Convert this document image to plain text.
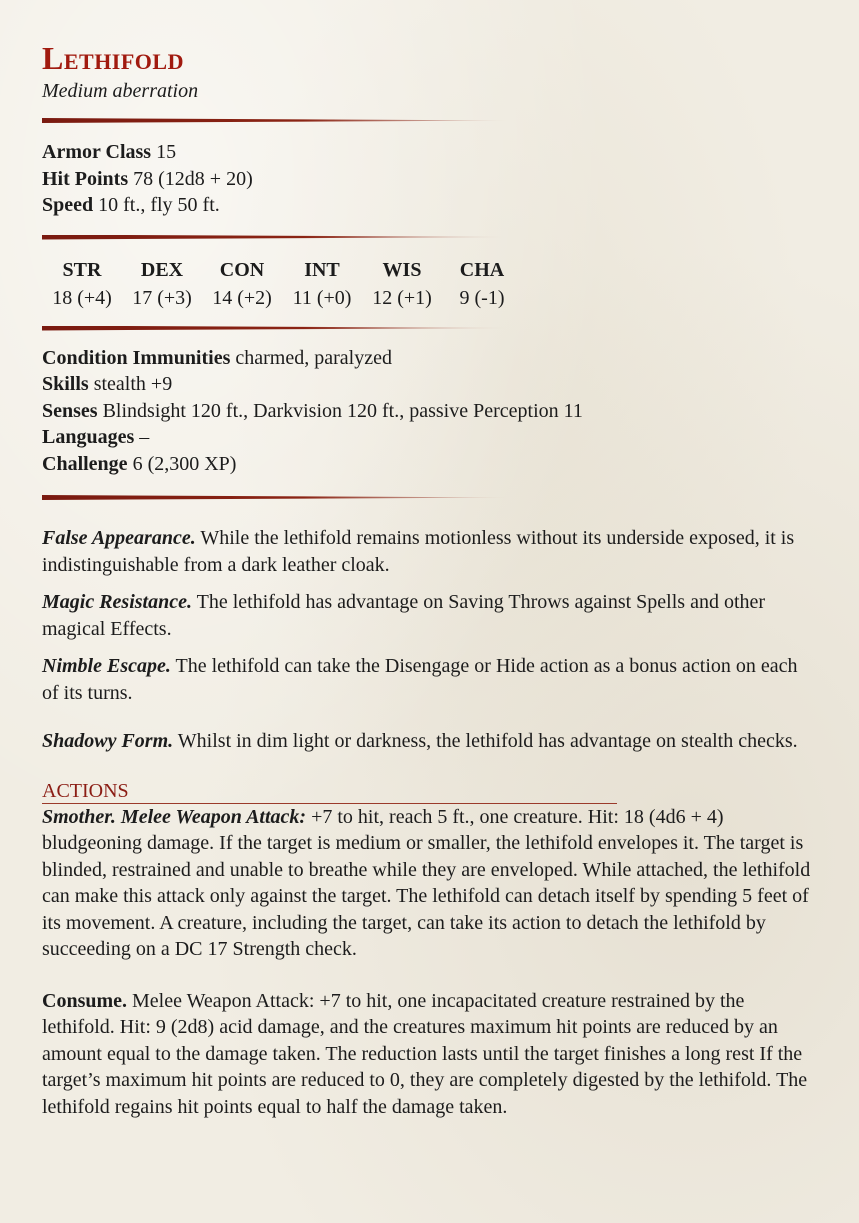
Lethifold

Medium aberration

Armor Class 15

Hit Points 78 (12d8 + 20)

Speed 10 ft., fly 50 ft.

STR
18 (+4)
DEX
17 (+3)
CON
14 (+2)
INT
11 (+0)
WIS
12 (+1)
CHA
9 (-1)

Condition Immunities charmed, paralyzed

Skills stealth +9

Senses Blindsight 120 ft., Darkvision 120 ft., passive Perception 11

Languages –

Challenge 6 (2,300 XP)

False Appearance. While the lethifold remains motionless without its underside exposed, it is indistinguishable from a dark leather cloak.

Magic Resistance. The lethifold has advantage on Saving Throws against Spells and other magical Effects.

Nimble Escape. The lethifold can take the Disengage or Hide action as a bonus action on each of its turns.

Shadowy Form. Whilst in dim light or darkness, the lethifold has advantage on stealth checks.

ACTIONS

Smother. Melee Weapon Attack: +7 to hit, reach 5 ft., one creature. Hit: 18 (4d6 + 4) bludgeoning damage. If the target is medium or smaller, the lethifold envelopes it. The target is blinded, restrained and unable to breathe while they are enveloped. While attached, the lethifold can make this attack only against the target. The lethifold can detach itself by spending 5 feet of its movement. A creature, including the target, can take its action to detach the lethifold by succeeding on a DC 17 Strength check.

Consume. Melee Weapon Attack: +7 to hit, one incapacitated creature restrained by the lethifold. Hit: 9 (2d8) acid damage, and the creatures maximum hit points are reduced by an amount equal to the damage taken. The reduction lasts until the target finishes a long rest If the target’s maximum hit points are reduced to 0, they are completely digested by the lethifold. The lethifold regains hit points equal to half the damage taken.
